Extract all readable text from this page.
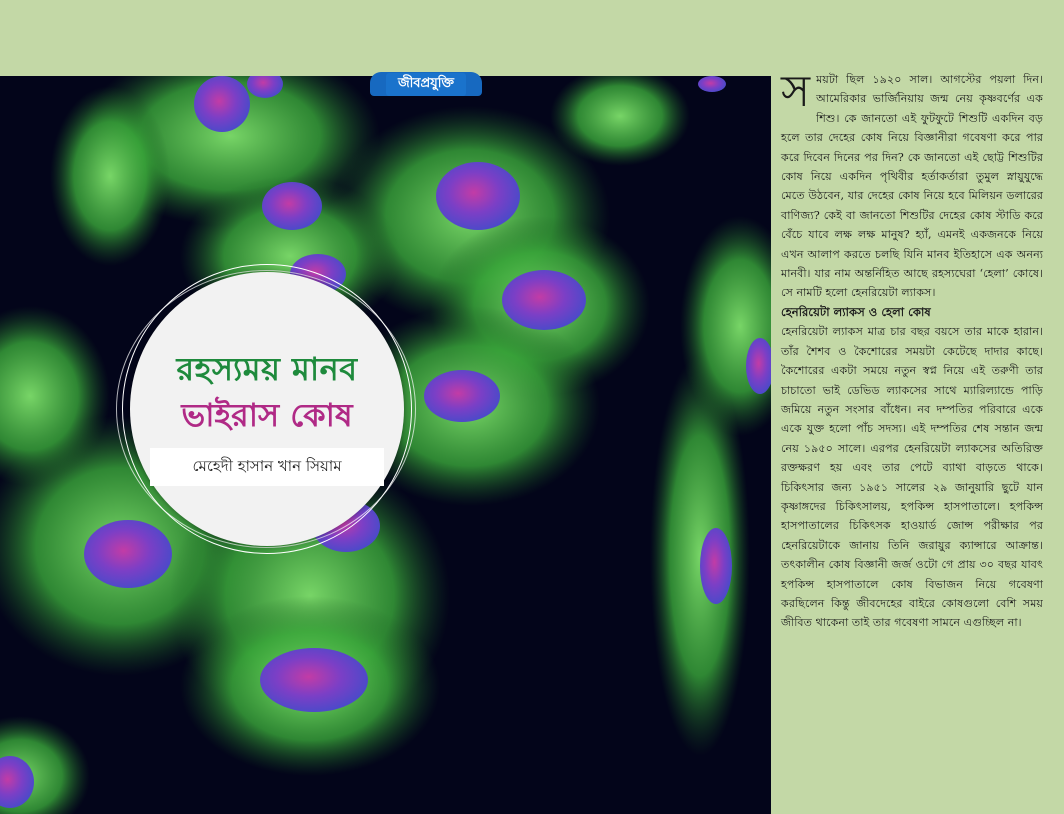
জীবপ্রযুক্তি
রহস্যময় মানব
ভাইরাস কোষ
মেহেদী হাসান খান সিয়াম

সময়টা ছিল ১৯২০ সাল। আগস্টের পয়লা দিন। আমেরিকার ভার্জিনিয়ায় জন্ম নেয় কৃষ্ণবর্ণের এক শিশু। কে জানতো এই ফুটফুটে শিশুটি একদিন বড় হলে তার দেহের কোষ নিয়ে বিজ্ঞানীরা গবেষণা করে পার করে দিবেন দিনের পর দিন? কে জানতো এই ছোট্ট শিশুটির কোষ নিয়ে একদিন পৃথিবীর হর্তাকর্তারা তুমুল স্নায়ুযুদ্ধে মেতে উঠবেন, যার দেহের কোষ নিয়ে হবে মিলিয়ন ডলারের বাণিজ্য? কেই বা জানতো শিশুটির দেহের কোষ স্টাডি করে বেঁচে যাবে লক্ষ লক্ষ মানুষ? হ্যাঁ, এমনই একজনকে নিয়ে এখন আলাপ করতে চলছি যিনি মানব ইতিহাসে এক অনন্য মানবী। যার নাম অন্তর্নিহিত আছে রহস্যঘেরা ‘হেলা’ কোষে। সে নামটি হলো হেনরিয়েটা ল্যাকস।

হেনরিয়েটা ল্যাকস ও হেলা কোষ

হেনরিয়েটা ল্যাকস মাত্র চার বছর বয়সে তার মাকে হারান। তাঁর শৈশব ও কৈশোরের সময়টা কেটেছে দাদার কাছে। কৈশোরের একটা সময়ে নতুন স্বপ্ন নিয়ে এই তরুণী তার চাচাতো ভাই ডেভিড ল্যাকসের সাথে ম্যারিল্যান্ডে পাড়ি জমিয়ে নতুন সংসার বাঁধেন। নব দম্পতির পরিবারে একে একে যুক্ত হলো পাঁচ সদস্য। এই দম্পতির শেষ সন্তান জন্ম নেয় ১৯৫০ সালে। এরপর হেনরিয়েটা ল্যাকসের অতিরিক্ত রক্তক্ষরণ হয় এবং তার পেটে ব্যাথা বাড়তে থাকে। চিকিৎসার জন্য ১৯৫১ সালের ২৯ জানুয়ারি ছুটে যান কৃষ্ণাঙ্গদের চিকিৎসালয়, হপকিন্স হাসপাতালে। হপকিন্স হাসপাতালের চিকিৎসক হাওয়ার্ড জোন্স পরীক্ষার পর হেনরিয়েটাকে জানায় তিনি জরায়ুর ক্যান্সারে আক্রান্ত। তৎকালীন কোষ বিজ্ঞানী জর্জ ওটো গে প্রায় ৩০ বছর যাবৎ হপকিন্স হাসপাতালে কোষ বিভাজন নিয়ে গবেষণা করছিলেন কিন্তু জীবদেহের বাইরে কোষগুলো বেশি সময় জীবিত থাকেনা তাই তার গবেষণা সামনে এগুচ্ছিল না।
